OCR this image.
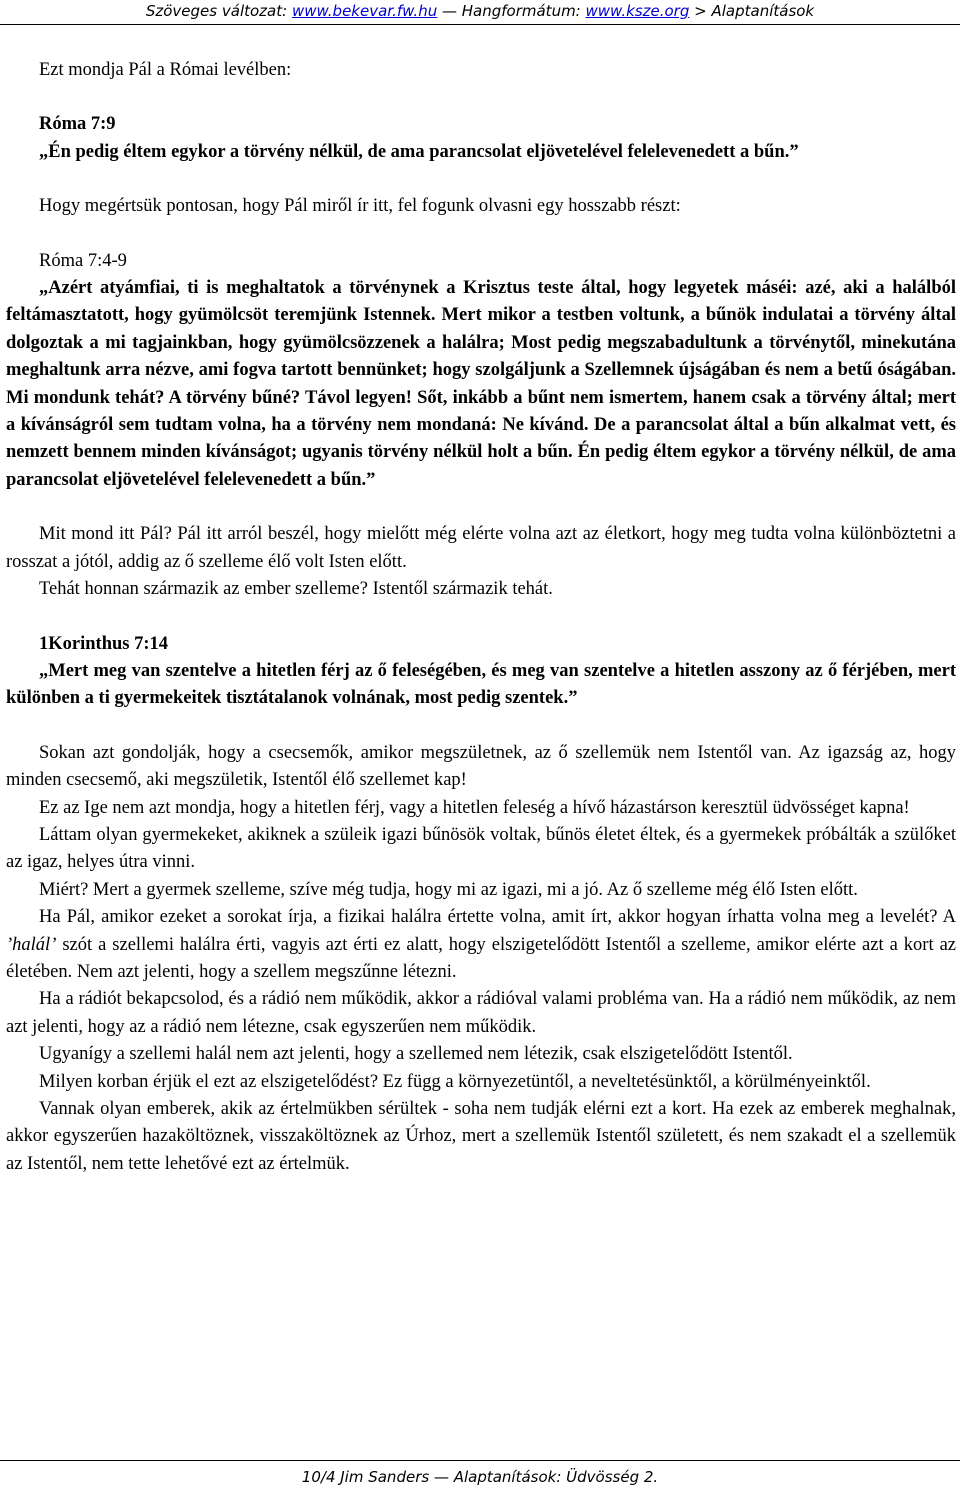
Szöveges változat: www.bekevar.fw.hu — Hangformátum: www.ksze.org > Alaptanítások

Ezt mondja Pál a Római levélben:

Róma 7:9

„Én pedig éltem egykor a törvény nélkül, de ama parancsolat eljövetelével felelevenedett a bűn.”

Hogy megértsük pontosan, hogy Pál miről ír itt, fel fogunk olvasni egy hosszabb részt:

Róma 7:4-9

„Azért atyámfiai, ti is meghaltatok a törvénynek a Krisztus teste által, hogy legyetek máséi: azé, aki a halálból feltámasztatott, hogy gyümölcsöt teremjünk Istennek. Mert mikor a testben voltunk, a bűnök indulatai a törvény által dolgoztak a mi tagjainkban, hogy gyümölcsözzenek a halálra; Most pedig megszabadultunk a törvénytől, minekutána meghaltunk arra nézve, ami fogva tartott bennünket; hogy szolgáljunk a Szellemnek újságában és nem a betű óságában. Mi mondunk tehát? A törvény bűné? Távol legyen! Sőt, inkább a bűnt nem ismertem, hanem csak a törvény által; mert a kívánságról sem tudtam volna, ha a törvény nem mondaná: Ne kívánd. De a parancsolat által a bűn alkalmat vett, és nemzett bennem minden kívánságot; ugyanis törvény nélkül holt a bűn. Én pedig éltem egykor a törvény nélkül, de ama parancsolat eljövetelével felelevenedett a bűn.”

Mit mond itt Pál? Pál itt arról beszél, hogy mielőtt még elérte volna azt az életkort, hogy meg tudta volna különböztetni a rosszat a jótól, addig az ő szelleme élő volt Isten előtt.

Tehát honnan származik az ember szelleme? Istentől származik tehát.

1Korinthus 7:14

„Mert meg van szentelve a hitetlen férj az ő feleségében, és meg van szentelve a hitetlen asszony az ő férjében, mert különben a ti gyermekeitek tisztátalanok volnának, most pedig szentek.”

Sokan azt gondolják, hogy a csecsemők, amikor megszületnek, az ő szellemük nem Istentől van. Az igazság az, hogy minden csecsemő, aki megszületik, Istentől élő szellemet kap!

Ez az Ige nem azt mondja, hogy a hitetlen férj, vagy a hitetlen feleség a hívő házastárson keresztül üdvösséget kapna!

Láttam olyan gyermekeket, akiknek a szüleik igazi bűnösök voltak, bűnös életet éltek, és a gyermekek próbálták a szülőket az igaz, helyes útra vinni.

Miért? Mert a gyermek szelleme, szíve még tudja, hogy mi az igazi, mi a jó. Az ő szelleme még élő Isten előtt.

Ha Pál, amikor ezeket a sorokat írja, a fizikai halálra értette volna, amit írt, akkor hogyan írhatta volna meg a levelét? A ’halál’ szót a szellemi halálra érti, vagyis azt érti ez alatt, hogy elszigetelődött Istentől a szelleme, amikor elérte azt a kort az életében. Nem azt jelenti, hogy a szellem megszűnne létezni.

Ha a rádiót bekapcsolod, és a rádió nem működik, akkor a rádióval valami probléma van. Ha a rádió nem működik, az nem azt jelenti, hogy az a rádió nem létezne, csak egyszerűen nem működik.

Ugyanígy a szellemi halál nem azt jelenti, hogy a szellemed nem létezik, csak elszigetelődött Istentől.

Milyen korban érjük el ezt az elszigetelődést? Ez függ a környezetüntől, a neveltetésünktől, a körülményeinktől.

Vannak olyan emberek, akik az értelmükben sérültek - soha nem tudják elérni ezt a kort. Ha ezek az emberek meghalnak, akkor egyszerűen hazaköltöznek, visszaköltöznek az Úrhoz, mert a szellemük Istentől született, és nem szakadt el a szellemük az Istentől, nem tette lehetővé ezt az értelmük.

10/4 Jim Sanders — Alaptanítások: Üdvösség 2.
